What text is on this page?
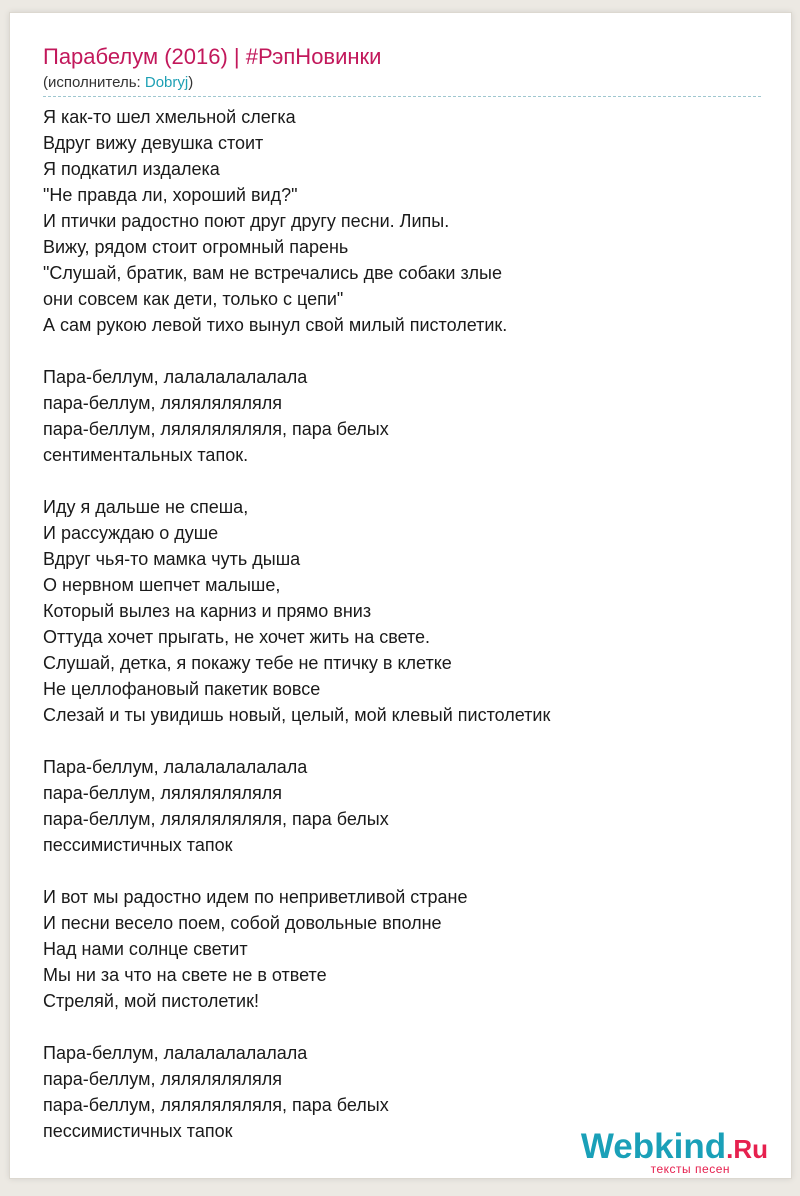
Парабелум (2016) | #РэпНовинки
(исполнитель: Dobryj)
Я как-то шел хмельной слегка
Вдруг вижу девушка стоит
Я подкатил издалека
"Не правда ли, хороший вид?"
И птички радостно поют друг другу песни. Липы.
Вижу, рядом стоит огромный парень
"Слушай, братик, вам не встречались две собаки злые
они совсем как дети, только с цепи"
А сам рукою левой тихо вынул свой милый пистолетик.
Пара-беллум, лалалалалалала
пара-беллум, ляляляляляля
пара-беллум, ляляляляляля, пара белых
сентиментальных тапок.
Иду я дальше не спеша,
И рассуждаю о душе
Вдруг чья-то мамка чуть дыша
О нервном шепчет малыше,
Который вылез на карниз и прямо вниз
Оттуда хочет прыгать, не хочет жить на свете.
Слушай, детка, я покажу тебе не птичку в клетке
Не целлофановый пакетик вовсе
Слезай и ты увидишь новый, целый, мой клевый пистолетик
Пара-беллум, лалалалалалала
пара-беллум, ляляляляляля
пара-беллум, ляляляляляля, пара белых
пессимистичных тапок
И вот мы радостно идем по неприветливой стране
И песни весело поем, собой довольные вполне
Над нами солнце светит
Мы ни за что на свете не в ответе
Стреляй, мой пистолетик!
Пара-беллум, лалалалалалала
пара-беллум, ляляляляляля
пара-беллум, ляляляляляля, пара белых
пессимистичных тапок	Webkind.Ru
тексты песен
